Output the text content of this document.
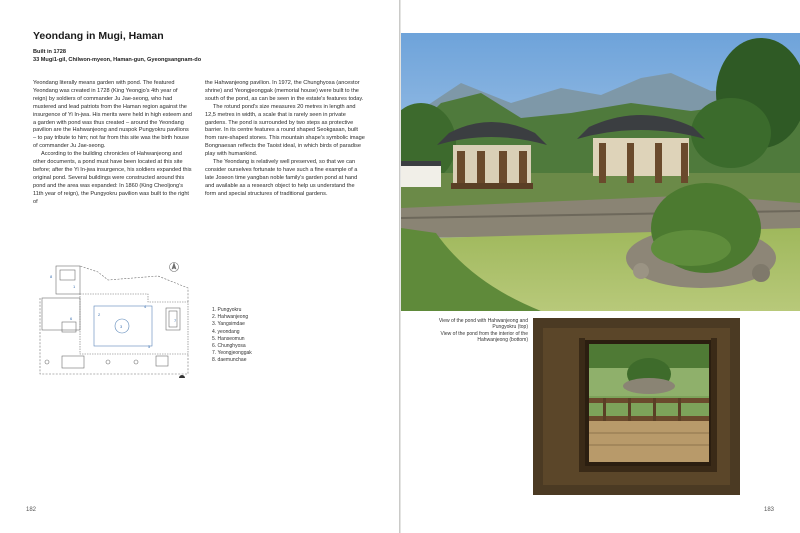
Yeondang in Mugi, Haman
Built in 1728
33 Mugi1-gil, Chilwon-myeon, Haman-gun, Gyeongsangnam-do

Yeondang literally means garden with pond. The featured Yeondang was created in 1728 (King Yeongjo's 4th year of reign) by soldiers of commander Ju Jae-seong, who had mustered and lead patriots from the Haman region against the insurgence of Yi In-jwa. His merits were held in high esteem and a garden with pond was thus created – around the Yeondang pavilion are the Hahwanjeong and nuspok Pungyokru pavilions – to pay tribute to him; not far from this site was the birth house of commander Ju Jae-seong.

According to the building chronicles of Hahwanjeong and other documents, a pond must have been located at this site before; after the Yi In-jwa insurgence, his soldiers expanded this original pond. Several buildings were constructed around this pond and the area was expanded: In 1860 (King Cheoljong's 11th year of reign), the Pungyokru pavilion was built to the right of

the Hahwanjeong pavilion. In 1972, the Chunghyosa (ancestor shrine) and Yeongjeonggak (memorial house) were built to the south of the pond, as can be seen in the estate's features today.

The rotund pond's size measures 20 metres in length and 12,5 metres in width, a scale that is rarely seen in private gardens. The pond is surrounded by two steps as protective barrier. In its centre features a round shaped Seokgasan, built from rare-shaped stones. This mountain shape's symbolic image Bongnaesan reflects the Taoist ideal, in which birds of paradise play with humankind.

The Yeondang is relatively well preserved, so that we can consider ourselves fortunate to have such a fine example of a late Joseon time yangban noble family's garden pond at hand and available as a research object to help us understand the form and special structures of traditional gardens.

1
2
3
4
5
6	7
8
1. Pungyokru
2. Hahwanjeong
3. Yangsimdae
4. yeondang
5. Hanseomun
6. Chunghyosa
7. Yeongjeonggak
8. daemunchae
182

View of the pond with Hahwanjeong and Pungyokru (top)

View of the pond from the interior of the Hahwanjeong (bottom)

183
